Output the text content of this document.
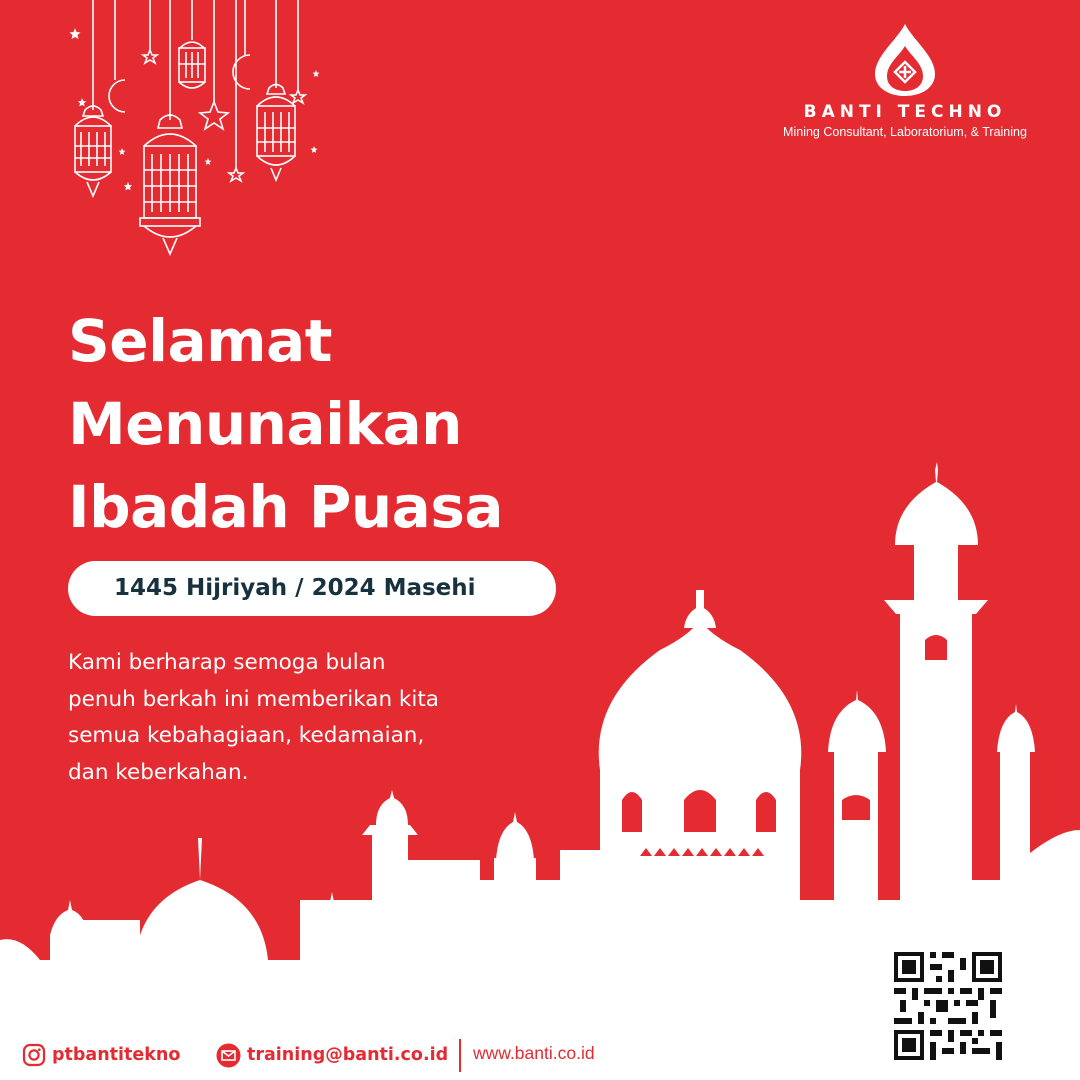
BANTI TECHNO
Mining Consultant, Laboratorium, & Training
Selamat
Menunaikan
Ibadah Puasa
1445 Hijriyah / 2024 Masehi
Kami berharap semoga bulan
penuh berkah ini memberikan kita
semua kebahagiaan, kedamaian,
dan keberkahan.
ptbantitekno	training@banti.co.id www.banti.co.id
